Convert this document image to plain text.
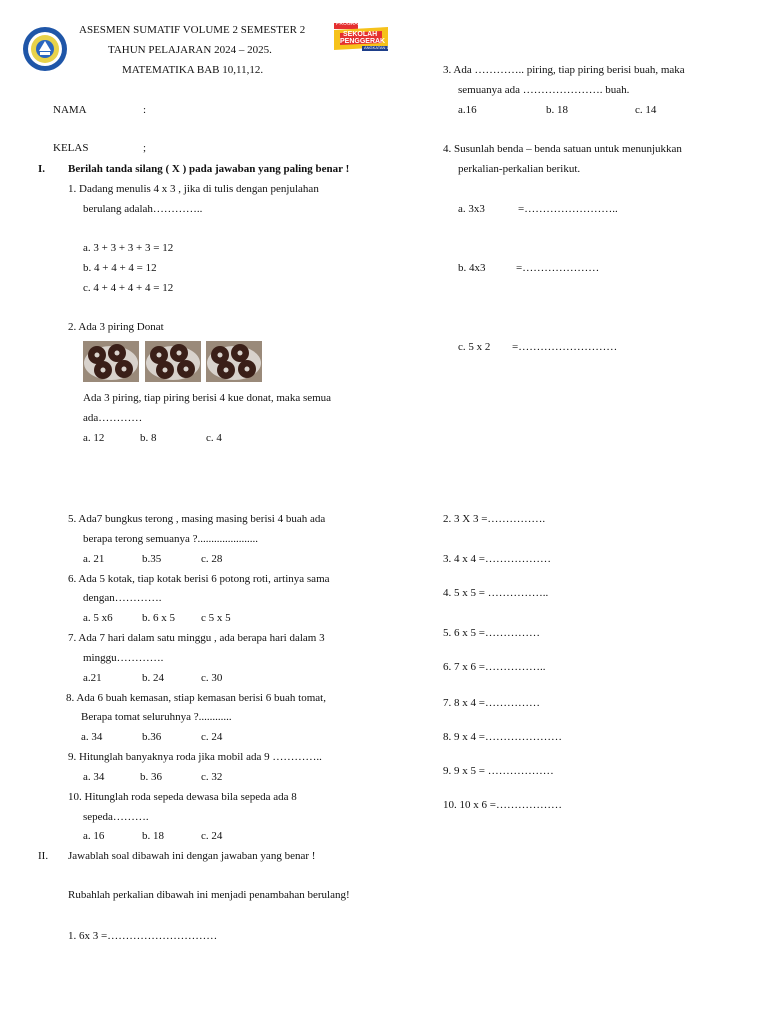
PROGRAM
SEKOLAH
PENGGERAK
ANGKATAN 1
ASESMEN SUMATIF VOLUME 2 SEMESTER 2
TAHUN PELAJARAN 2024 – 2025.
MATEMATIKA BAB 10,11,12.
NAMA	:
KELAS	;
I. Berilah tanda silang ( X ) pada jawaban yang paling benar !
1. Dadang menulis 4 x 3 , jika di tulis dengan penjulahan
berulang adalah…………..
a. 3 + 3 + 3 + 3 = 12
b. 4 + 4 + 4 = 12
c. 4 + 4 + 4 + 4 = 12
2. Ada 3 piring Donat
Ada 3 piring, tiap piring berisi 4 kue donat, maka semua
ada…………
a. 12	b. 8	c. 4
3. Ada ………….. piring, tiap piring berisi buah, maka
semuanya ada …………………. buah.
a.16	b. 18	c. 14
4. Susunlah benda – benda satuan untuk menunjukkan
perkalian-perkalian berikut.
a. 3x3	=……………………..
b. 4x3	=…………………
c. 5 x 2 =………………………
5. Ada7 bungkus terong , masing masing berisi 4 buah ada
berapa terong semuanya ?......................
a. 21	b.35	c. 28
6. Ada 5 kotak, tiap kotak berisi 6 potong roti, artinya sama
dengan………….
a. 5 x6	b. 6 x 5 c 5 x 5
7. Ada 7 hari dalam satu minggu , ada berapa hari dalam 3
minggu………….
a.21	b. 24	c. 30
8. Ada 6 buah kemasan, stiap kemasan berisi 6 buah tomat,
Berapa tomat seluruhnya ?............
a. 34	b.36	c. 24
9. Hitunglah banyaknya roda jika mobil ada 9 …………..
a. 34	b. 36	c. 32
10. Hitunglah roda sepeda dewasa bila sepeda ada 8
sepeda……….
a. 16	b. 18	c. 24
II. Jawablah soal dibawah ini dengan jawaban yang benar !
Rubahlah perkalian dibawah ini menjadi penambahan berulang!
1. 6x 3 =…………………………
2. 3 X 3 =…………….
3. 4 x 4 =………………
4. 5 x 5 = ……………..
5. 6 x 5 =……………
6. 7 x 6 =……………..
7. 8 x 4 =……………
8. 9 x 4 =…………………
9. 9 x 5 = ………………
10. 10 x 6 =………………
